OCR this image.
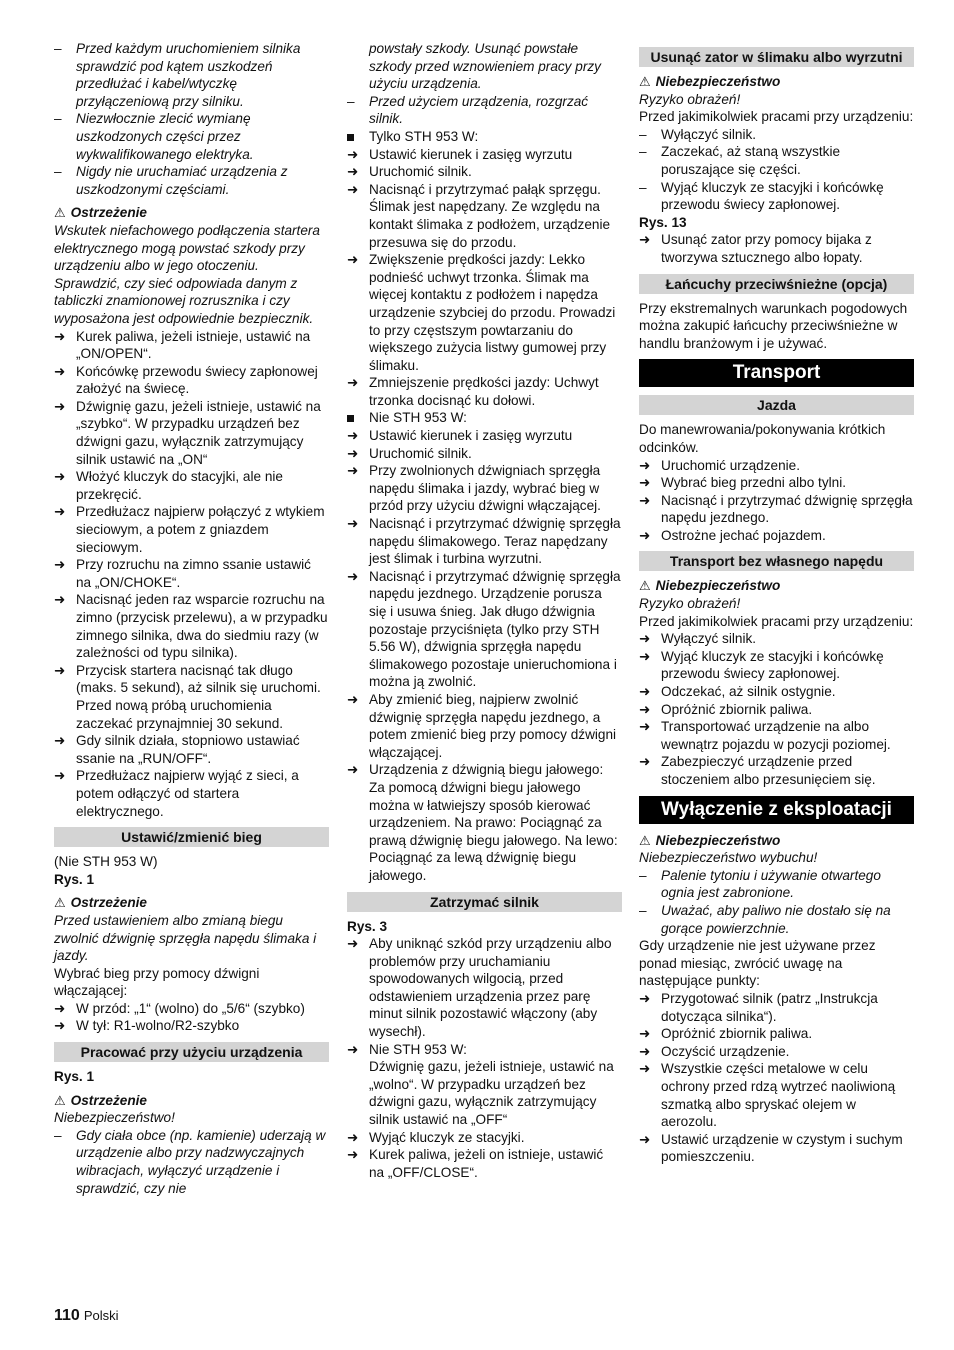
–	Przed każdym uruchomieniem silnika sprawdzić pod kątem uszkodzeń przedłużać i kabel/wtyczkę przyłączeniową przy silniku.
–	Niezwłocznie zlecić wymianę uszkodzonych części przez wykwalifikowanego elektryka.
–	Nigdy nie uruchamiać urządzenia z uszkodzonymi częściami.
⚠ Ostrzeżenie
Wskutek niefachowego podłączenia startera elektrycznego mogą powstać szkody przy urządzeniu albo w jego otoczeniu. Sprawdzić, czy sieć odpowiada danym z tabliczki znamionowej rozrusznika i czy wyposażona jest odpowiednie bezpiecznik.
➜ Kurek paliwa, jeżeli istnieje, ustawić na „ON/OPEN“.
➜ Końcówkę przewodu świecy zapłonowej założyć na świecę.
➜ Dźwignię gazu, jeżeli istnieje, ustawić na „szybko“. W przypadku urządzeń bez dźwigni gazu, wyłącznik zatrzymujący silnik ustawić na „ON“
➜ Włożyć kluczyk do stacyjki, ale nie przekręcić.
➜ Przedłużacz najpierw połączyć z wtykiem sieciowym, a potem z gniazdem sieciowym.
➜ Przy rozruchu na zimno ssanie ustawić na „ON/CHOKE“.
➜ Nacisnąć jeden raz wsparcie rozruchu na zimno (przycisk przelewu), a w przypadku zimnego silnika, dwa do siedmiu razy (w zależności od typu silnika).
➜ Przycisk startera nacisnąć tak długo (maks. 5 sekund), aż silnik się uruchomi. Przed nową próbą uruchomienia zaczekać przynajmniej 30 sekund.
➜ Gdy silnik działa, stopniowo ustawiać ssanie na „RUN/OFF“.
➜ Przedłużacz najpierw wyjąć z sieci, a potem odłączyć od startera elektrycznego.
Ustawić/zmienić bieg
(Nie STH 953 W)
Rys. 1
⚠ Ostrzeżenie
Przed ustawieniem albo zmianą biegu zwolnić dźwignię sprzęgła napędu ślimaka i jazdy.
Wybrać bieg przy pomocy dźwigni włączającej:
➜ W przód: „1“ (wolno) do „5/6“ (szybko)
➜ W tył: R1-wolno/R2-szybko
Pracować przy użyciu urządzenia
Rys. 1
⚠ Ostrzeżenie
Niebezpieczeństwo!
–	Gdy ciała obce (np. kamienie) uderzają w urządzenie albo przy nadzwyczajnych wibracjach, wyłączyć urządzenie i sprawdzić, czy nie
powstały szkody. Usunąć powstałe szkody przed wznowieniem pracy przy użyciu urządzenia.
–	Przed użyciem urządzenia, rozgrzać silnik.
Tylko STH 953 W:
➜ Ustawić kierunek i zasięg wyrzutu
➜ Uruchomić silnik.
➜ Nacisnąć i przytrzymać pałąk sprzęgu. Ślimak jest napędzany. Ze względu na kontakt ślimaka z podłożem, urządzenie przesuwa się do przodu.
➜ Zwiększenie prędkości jazdy: Lekko podnieść uchwyt trzonka. Ślimak ma więcej kontaktu z podłożem i napędza urządzenie szybciej do przodu. Prowadzi to przy częstszym powtarzaniu do większego zużycia listwy gumowej przy ślimaku.
➜ Zmniejszenie prędkości jazdy: Uchwyt trzonka docisnąć ku dołowi.
Nie STH 953 W:
➜ Ustawić kierunek i zasięg wyrzutu
➜ Uruchomić silnik.
➜ Przy zwolnionych dźwigniach sprzęgła napędu ślimaka i jazdy, wybrać bieg w przód przy użyciu dźwigni włączającej.
➜ Nacisnąć i przytrzymać dźwignię sprzęgła napędu ślimakowego. Teraz napędzany jest ślimak i turbina wyrzutni.
➜ Nacisnąć i przytrzymać dźwignię sprzęgła napędu jezdnego. Urządzenie porusza się i usuwa śnieg. Jak długo dźwignia pozostaje przyciśnięta (tylko przy STH 5.56 W), dźwignia sprzęgła napędu ślimakowego pozostaje unieruchomiona i można ją zwolnić.
➜ Aby zmienić bieg, najpierw zwolnić dźwignię sprzęgła napędu jezdnego, a potem zmienić bieg przy pomocy dźwigni włączającej.
➜ Urządzenia z dźwignią biegu jałowego: Za pomocą dźwigni biegu jałowego można w łatwiejszy sposób kierować urządzeniem. Na prawo: Pociągnąć za prawą dźwignię biegu jałowego. Na lewo: Pociągnąć za lewą dźwignię biegu jałowego.
Zatrzymać silnik
Rys. 3
➜ Aby uniknąć szkód przy urządzeniu albo problemów przy uruchamianiu spowodowanych wilgocią, przed odstawieniem urządzenia przez parę minut silnik pozostawić włączony (aby wysechł).
➜ Nie STH 953 W:
Dźwignię gazu, jeżeli istnieje, ustawić na „wolno“. W przypadku urządzeń bez dźwigni gazu, wyłącznik zatrzymujący silnik ustawić na „OFF“
➜ Wyjąć kluczyk ze stacyjki.
➜ Kurek paliwa, jeżeli on istnieje, ustawić na „OFF/CLOSE“.
Usunąć zator w ślimaku albo wyrzutni
⚠ Niebezpieczeństwo
Ryzyko obrażeń!
Przed jakimikolwiek pracami przy urządzeniu:
–	Wyłączyć silnik.
–	Zaczekać, aż staną wszystkie poruszające się części.
–	Wyjąć kluczyk ze stacyjki i końcówkę przewodu świecy zapłonowej.
Rys. 13
➜ Usunąć zator przy pomocy bijaka z tworzywa sztucznego albo łopaty.
Łańcuchy przeciwśnieżne (opcja)
Przy ekstremalnych warunkach pogodowych można zakupić łańcuchy przeciwśnieżne w handlu branżowym i je używać.
Transport
Jazda
Do manewrowania/pokonywania krótkich odcinków.
➜ Uruchomić urządzenie.
➜ Wybrać bieg przedni albo tylni.
➜ Nacisnąć i przytrzymać dźwignię sprzęgła napędu jezdnego.
➜ Ostrożne jechać pojazdem.
Transport bez własnego napędu
⚠ Niebezpieczeństwo
Ryzyko obrażeń!
Przed jakimikolwiek pracami przy urządzeniu:
➜ Wyłączyć silnik.
➜ Wyjąć kluczyk ze stacyjki i końcówkę przewodu świecy zapłonowej.
➜ Odczekać, aż silnik ostygnie.
➜ Opróżnić zbiornik paliwa.
➜ Transportować urządzenie na albo wewnątrz pojazdu w pozycji poziomej.
➜ Zabezpieczyć urządzenie przed stoczeniem albo przesunięciem się.
Wyłączenie z eksploatacji
⚠ Niebezpieczeństwo
Niebezpieczeństwo wybuchu!
–	Palenie tytoniu i używanie otwartego ognia jest zabronione.
–	Uważać, aby paliwo nie dostało się na gorące powierzchnie.
Gdy urządzenie nie jest używane przez ponad miesiąc, zwrócić uwagę na następujące punkty:
➜ Przygotować silnik (patrz „Instrukcja dotycząca silnika“).
➜ Opróżnić zbiornik paliwa.
➜ Oczyścić urządzenie.
➜ Wszystkie części metalowe w celu ochrony przed rdzą wytrzeć naoliwioną szmatką albo spryskać olejem w aerozolu.
➜ Ustawić urządzenie w czystym i suchym pomieszczeniu.
110 Polski
